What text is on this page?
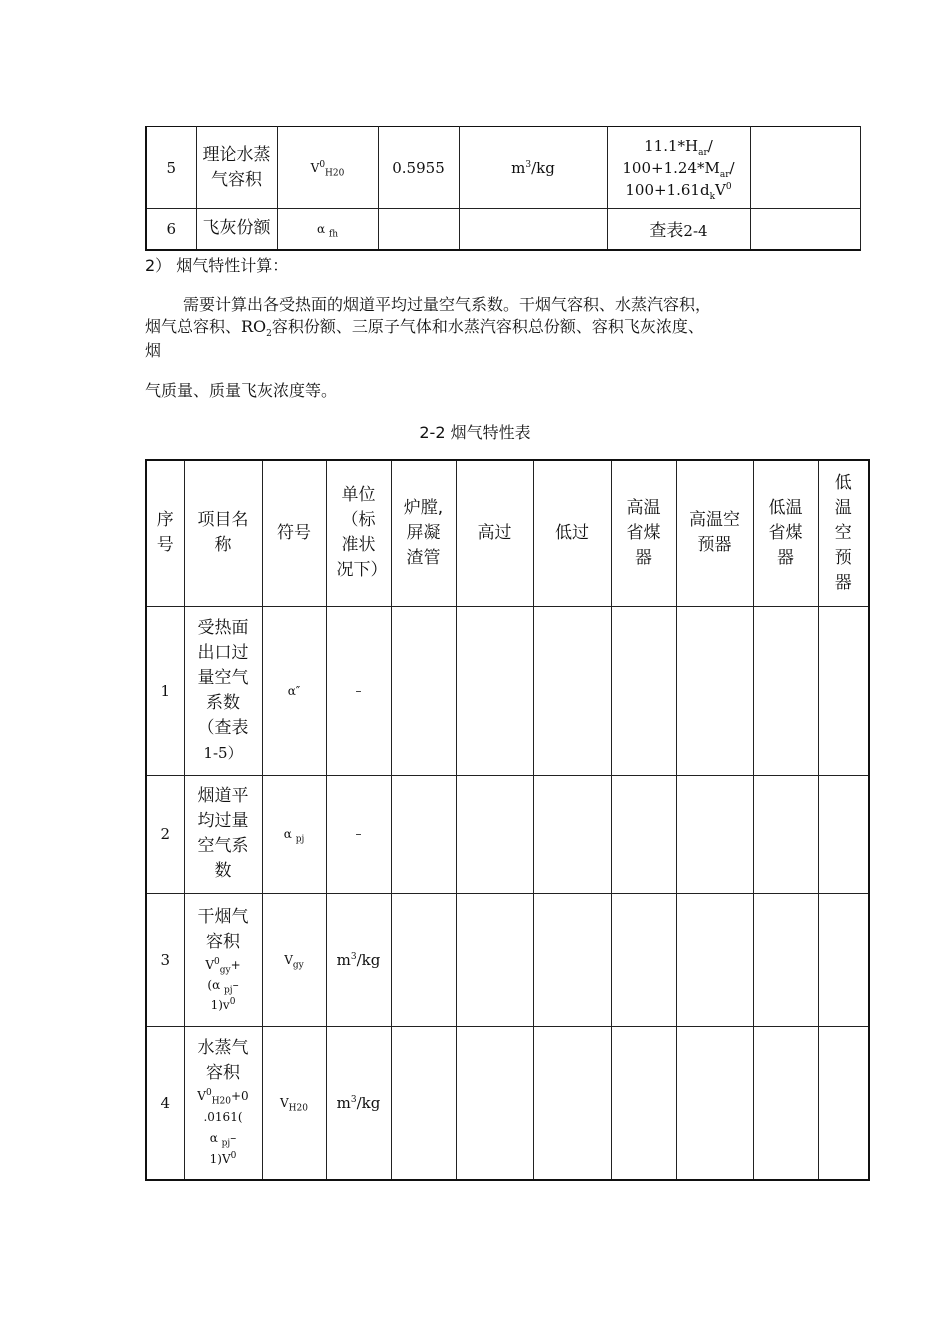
5	理论水蒸气容积	$V^0_{H20}$	0.5955	$m^3/kg$	$11.1*H_{ar}/$
$100+1.24*M_{ar}/$
$100+1.61d_kV^0$

6	飞灰份额	α $_{fh}$			查表2-4	
2） 烟气特性计算：
需要计算出各受热面的烟道平均过量空气系数。干烟气容积、水蒸汽容积，
烟气总容积、$RO_2$容积份额、三原子气体和水蒸汽容积总份额、容积飞灰浓度、
烟
气质量、质量飞灰浓度等。
2-2 烟气特性表
序号	项目名称	符号	单位（标准状况下）	炉膛,屏凝渣管	高过	低过	高温省煤器	高温空预器	低温省煤器	低温空预器

1	受热面出口过量空气系数
（查表
1-5）	α″	–							
2	烟道平均过量空气系数	α $_{pj}$	–							
3	干烟气容积
$V^0_{gy}+$
(α $_{pj}$–
$1)v^0$	$V_{gy}$	$m^3/kg$							
4	水蒸气容积
$V^0_{H20}+0$
.0161(
α $_{pj}$–
$1)V^0$	$V_{H20}$	$m^3/kg$							
